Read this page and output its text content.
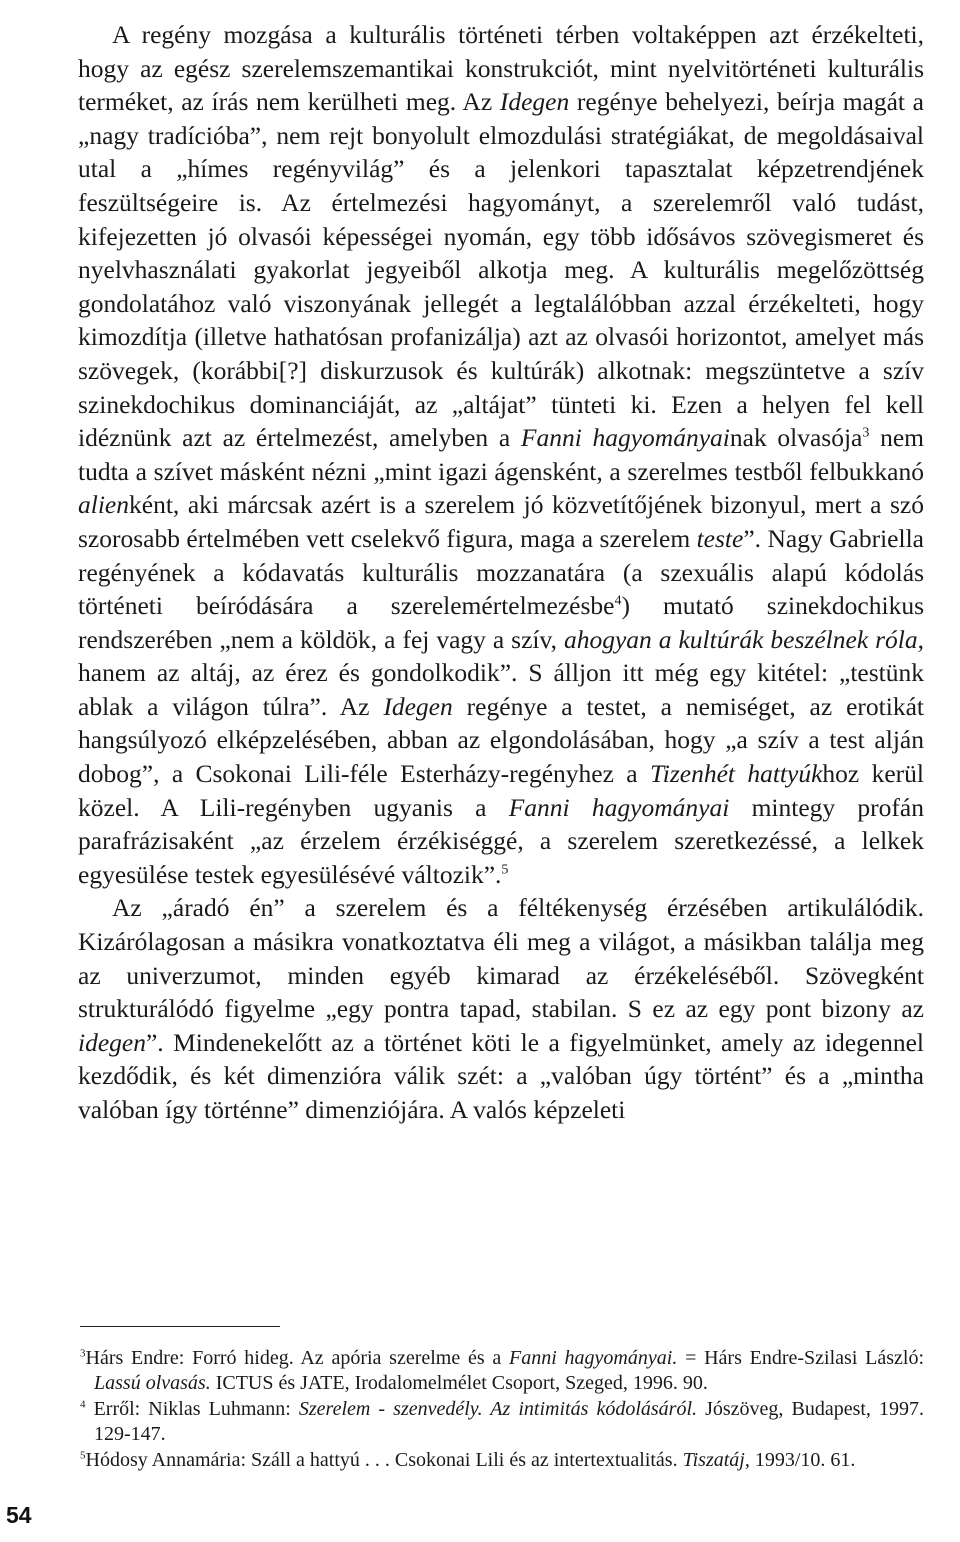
A regény mozgása a kulturális történeti térben voltaképpen azt érzékelteti, hogy az egész szerelemszemantikai konstrukciót, mint nyelvitörténeti kulturális terméket, az írás nem kerülheti meg. Az Idegen regénye behelyezi, beírja magát a „nagy tradícióba”, nem rejt bonyolult elmozdulási stratégiákat, de megoldásaival utal a „hímes regényvilág” és a jelenkori tapasztalat képzetrendjének feszültségeire is. Az értelmezési hagyományt, a szerelemről való tudást, kifejezetten jó olvasói képességei nyomán, egy több idősávos szövegismeret és nyelvhasználati gyakorlat jegyeiből alkotja meg. A kulturális megelőzöttség gondolatához való viszonyának jellegét a legtalálóbban azzal érzékelteti, hogy kimozdítja (illetve hathatósan profanizálja) azt az olvasói horizontot, amelyet más szövegek, (korábbi[?] diskurzusok és kultúrák) alkotnak: megszüntetve a szív szinekdochikus dominanciáját, az „altájat” tünteti ki. Ezen a helyen fel kell idéznünk azt az értelmezést, amelyben a Fanni hagyományainak olvasója$^3$ nem tudta a szívet másként nézni „mint igazi ágensként, a szerelmes testből felbukkanó alienként, aki márcsak azért is a szerelem jó közvetítőjének bizonyul, mert a szó szorosabb értelmében vett cselekvő figura, maga a szerelem teste”. Nagy Gabriella regényének a kódavatás kulturális mozzanatára (a szexuális alapú kódolás történeti beíródására a szerelemértelmezésbe$^4$) mutató szinekdochikus rendszerében „nem a köldök, a fej vagy a szív, ahogyan a kultúrák beszélnek róla, hanem az altáj, az érez és gondolkodik”. S álljon itt még egy kitétel: „testünk ablak a világon túlra”. Az Idegen regénye a testet, a nemiséget, az erotikát hangsúlyozó elképzelésében, abban az elgondolásában, hogy „a szív a test alján dobog”, a Csokonai Lili-féle Esterházy-regényhez a Tizenhét hattyúkhoz kerül közel. A Lili-regényben ugyanis a Fanni hagyományai mintegy profán parafrázisaként „az érzelem érzékiséggé, a szerelem szeretkezéssé, a lelkek egyesülése testek egyesülésévé változik”.$^5$

Az „áradó én” a szerelem és a féltékenység érzésében artikulálódik. Kizárólagosan a másikra vonatkoztatva éli meg a világot, a másikban találja meg az univerzumot, minden egyéb kimarad az érzékeléséből. Szövegként strukturálódó figyelme „egy pontra tapad, stabilan. S ez az egy pont bizony az idegen”. Mindenekelőtt az a történet köti le a figyelmünket, amely az idegennel kezdődik, és két dimenzióra válik szét: a „valóban úgy történt” és a „mintha valóban így történne” dimenziójára. A valós képzeleti

$^3$Hárs Endre: Forró hideg. Az apória szerelme és a Fanni hagyományai. = Hárs Endre-Szilasi László: Lassú olvasás. ICTUS és JATE, Irodalomelmélet Csoport, Szeged, 1996. 90.

$^4$ Erről: Niklas Luhmann: Szerelem - szenvedély. Az intimitás kódolásáról. Jószöveg, Budapest, 1997. 129-147.

$^5$Hódosy Annamária: Száll a hattyú . . . Csokonai Lili és az intertextualitás. Tiszatáj, 1993/10. 61.

54
